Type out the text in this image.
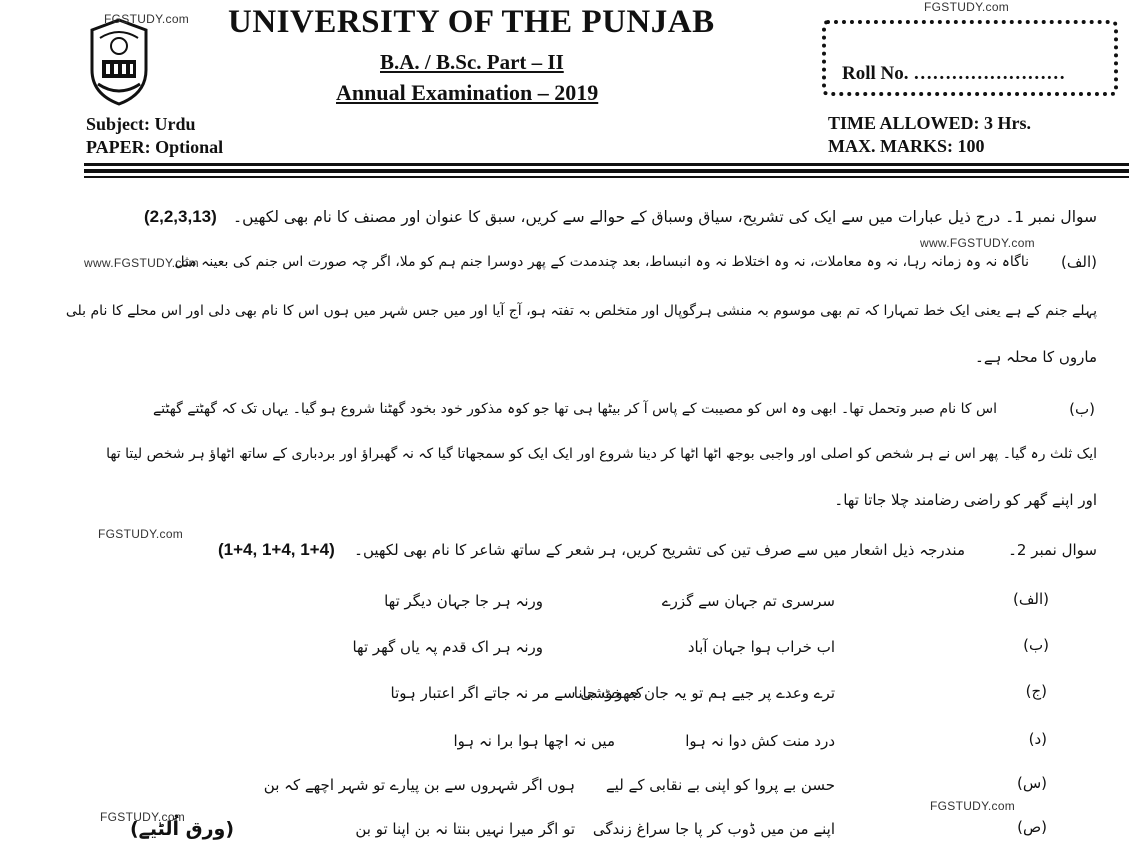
FGSTUDY.com
FGSTUDY.com
www.FGSTUDY.com
www.FGSTUDY.com
FGSTUDY.com
FGSTUDY.com
FGSTUDY.com
UNIVERSITY OF THE PUNJAB
B.A. / B.Sc. Part – II
Annual Examination – 2019
Roll No. ……………………
Subject: Urdu
PAPER: Optional
TIME ALLOWED: 3 Hrs.
MAX. MARKS: 100
سوال نمبر 1۔ درج ذیل عبارات میں سے ایک کی تشریح، سیاق وسباق کے حوالے سے کریں، سبق کا عنوان اور مصنف کا نام بھی لکھیں۔
(2,2,3,13)
(الف)
ناگاہ نہ وہ زمانہ رہا، نہ وہ معاملات، نہ وہ اختلاط نہ وہ انبساط، بعد چندمدت کے پھر دوسرا جنم ہم کو ملا، اگر چہ صورت اس جنم کی بعینہ مثل
پہلے جنم کے ہے یعنی ایک خط تمہارا کہ تم بھی موسوم بہ منشی ہرگوپال اور متخلص بہ تفتہ ہو، آج آیا اور میں جس شہر میں ہوں اس کا نام بھی دلی اور اس محلے کا نام بلی
ماروں کا محلہ ہے۔
(ب)
اس کا نام صبر وتحمل تھا۔ ابھی وہ اس کو مصیبت کے پاس آ کر بیٹھا ہی تھا جو کوہ مذکور خود بخود گھٹنا شروع ہو گیا۔ یہاں تک کہ گھٹتے گھٹتے
ایک ثلث رہ گیا۔ پھر اس نے ہر شخص کو اصلی اور واجبی بوجھ اٹھا اٹھا کر دینا شروع اور ایک ایک کو سمجھاتا گیا کہ نہ گھبراؤ اور بردباری کے ساتھ اٹھاؤ ہر شخص لیتا تھا
اور اپنے گھر کو راضی رضامند چلا جاتا تھا۔
سوال نمبر 2۔
مندرجہ ذیل اشعار میں سے صرف تین کی تشریح کریں، ہر شعر کے ساتھ شاعر کا نام بھی لکھیں۔
(1+4, 1+4, 1+4)
(الف)
سرسری تم جہان سے گزرے
ورنہ ہر جا جہان دیگر تھا
(ب)
اب خراب ہوا جہان آباد
ورنہ ہر اک قدم پہ یاں گھر تھا
(ج)
ترے وعدے پر جیے ہم تو یہ جان جھوٹ جانا
کہ خوشی سے مر نہ جاتے اگر اعتبار ہوتا
(د)
درد منت کش دوا نہ ہوا
میں نہ اچھا ہوا برا نہ ہوا
(س)
حسن بے پروا کو اپنی بے نقابی کے لیے
ہوں اگر شہروں سے بن پیارے تو شہر اچھے کہ بن
(ص)
اپنے من میں ڈوب کر پا جا سراغ زندگی
تو اگر میرا نہیں بنتا نہ بن اپنا تو بن
(ورق اُلٹیے)
